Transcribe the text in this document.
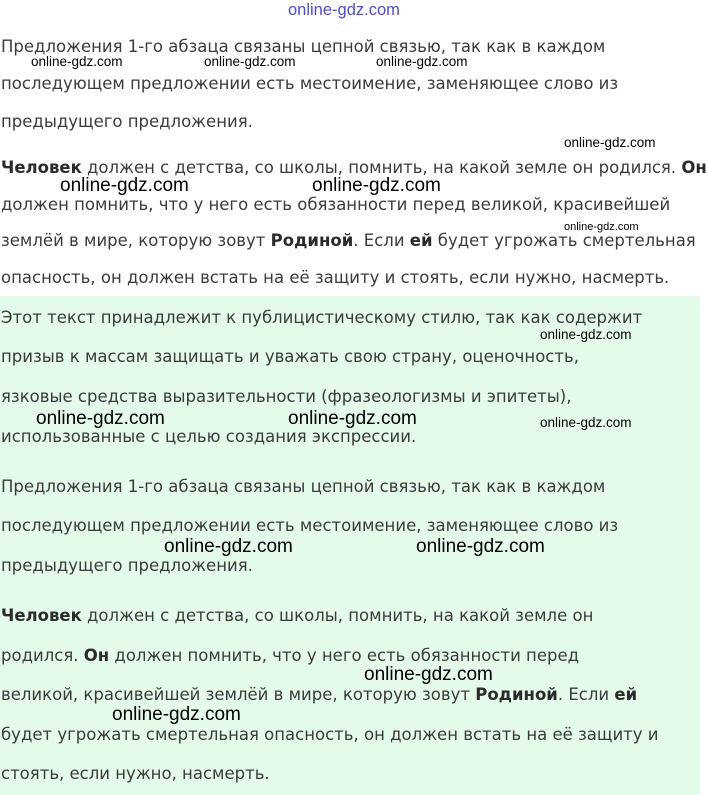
online-gdz.com
Предложения 1-го абзаца связаны цепной связью, так как в каждом
последующем предложении есть местоимение, заменяющее слово из
предыдущего предложения.
Человек должен с детства, со школы, помнить, на какой земле он родился. Он
должен помнить, что у него есть обязанности перед великой, красивейшей
землёй в мире, которую зовут Родиной. Если ей будет угрожать смертельная
опасность, он должен встать на её защиту и стоять, если нужно, насмерть.
Этот текст принадлежит к публицистическому стилю, так как содержит
призыв к массам защищать и уважать свою страну, оценочность,
язковые средства выразительности (фразеологизмы и эпитеты),
использованные с целью создания экспрессии.
Предложения 1-го абзаца связаны цепной связью, так как в каждом
последующем предложении есть местоимение, заменяющее слово из
предыдущего предложения.
Человек должен с детства, со школы, помнить, на какой земле он
родился. Он должен помнить, что у него есть обязанности перед
великой, красивейшей землёй в мире, которую зовут Родиной. Если ей
будет угрожать смертельная опасность, он должен встать на её защиту и
стоять, если нужно, насмерть.
online-gdz.com	online-gdz.com	online-gdz.com
online-gdz.com
online-gdz.com	online-gdz.com
online-gdz.com
online-gdz.com
online-gdz.com	online-gdz.com	online-gdz.com
online-gdz.com	online-gdz.com
online-gdz.com
online-gdz.com
